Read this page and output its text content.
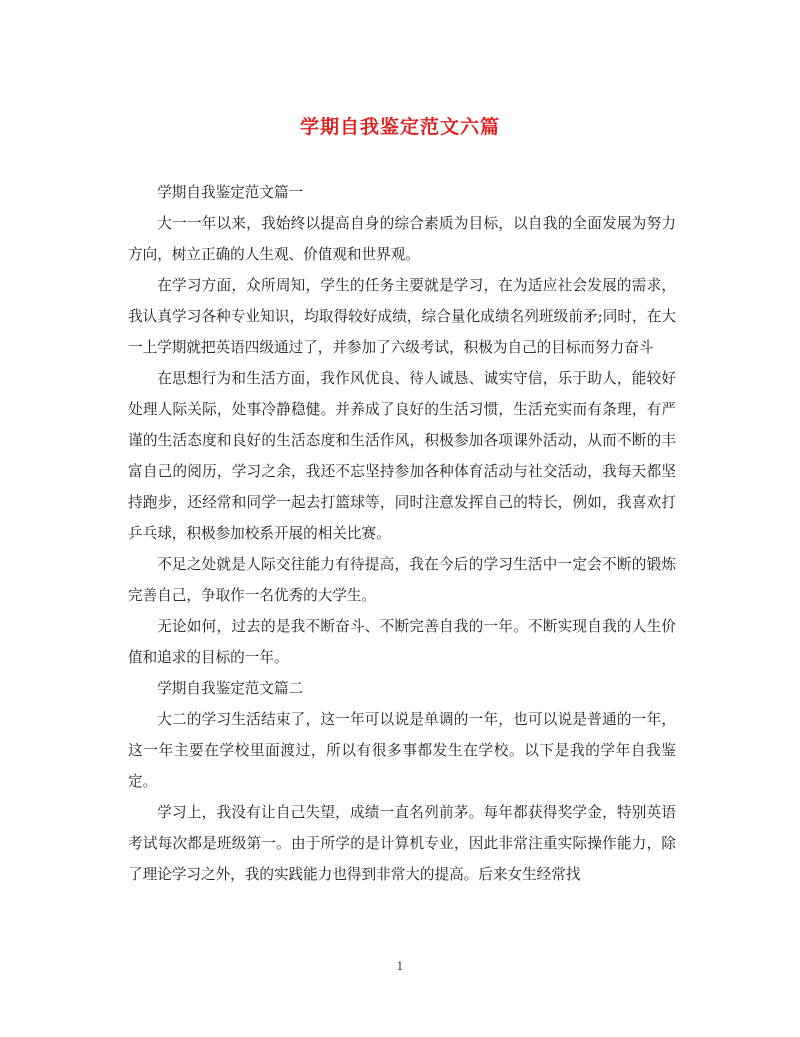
学期自我鉴定范文六篇

学期自我鉴定范文篇一

大一一年以来，我始终以提高自身的综合素质为目标，以自我的全面发展为努力方向，树立正确的人生观、价值观和世界观。

在学习方面，众所周知，学生的任务主要就是学习，在为适应社会发展的需求，我认真学习各种专业知识，均取得较好成绩，综合量化成绩名列班级前矛;同时，在大一上学期就把英语四级通过了，并参加了六级考试，积极为自己的目标而努力奋斗

在思想行为和生活方面，我作风优良、待人诚恳、诚实守信，乐于助人，能较好处理人际关际，处事冷静稳健。并养成了良好的生活习惯，生活充实而有条理，有严谨的生活态度和良好的生活态度和生活作风，积极参加各项课外活动，从而不断的丰富自己的阅历，学习之余，我还不忘坚持参加各种体育活动与社交活动，我每天都坚持跑步，还经常和同学一起去打篮球等，同时注意发挥自己的特长，例如，我喜欢打乒乓球，积极参加校系开展的相关比赛。

不足之处就是人际交往能力有待提高，我在今后的学习生活中一定会不断的锻炼完善自己，争取作一名优秀的大学生。

无论如何，过去的是我不断奋斗、不断完善自我的一年。不断实现自我的人生价值和追求的目标的一年。

学期自我鉴定范文篇二

大二的学习生活结束了，这一年可以说是单调的一年，也可以说是普通的一年，这一年主要在学校里面渡过，所以有很多事都发生在学校。以下是我的学年自我鉴定。

学习上，我没有让自己失望，成绩一直名列前茅。每年都获得奖学金，特别英语考试每次都是班级第一。由于所学的是计算机专业，因此非常注重实际操作能力，除了理论学习之外，我的实践能力也得到非常大的提高。后来女生经常找

1
